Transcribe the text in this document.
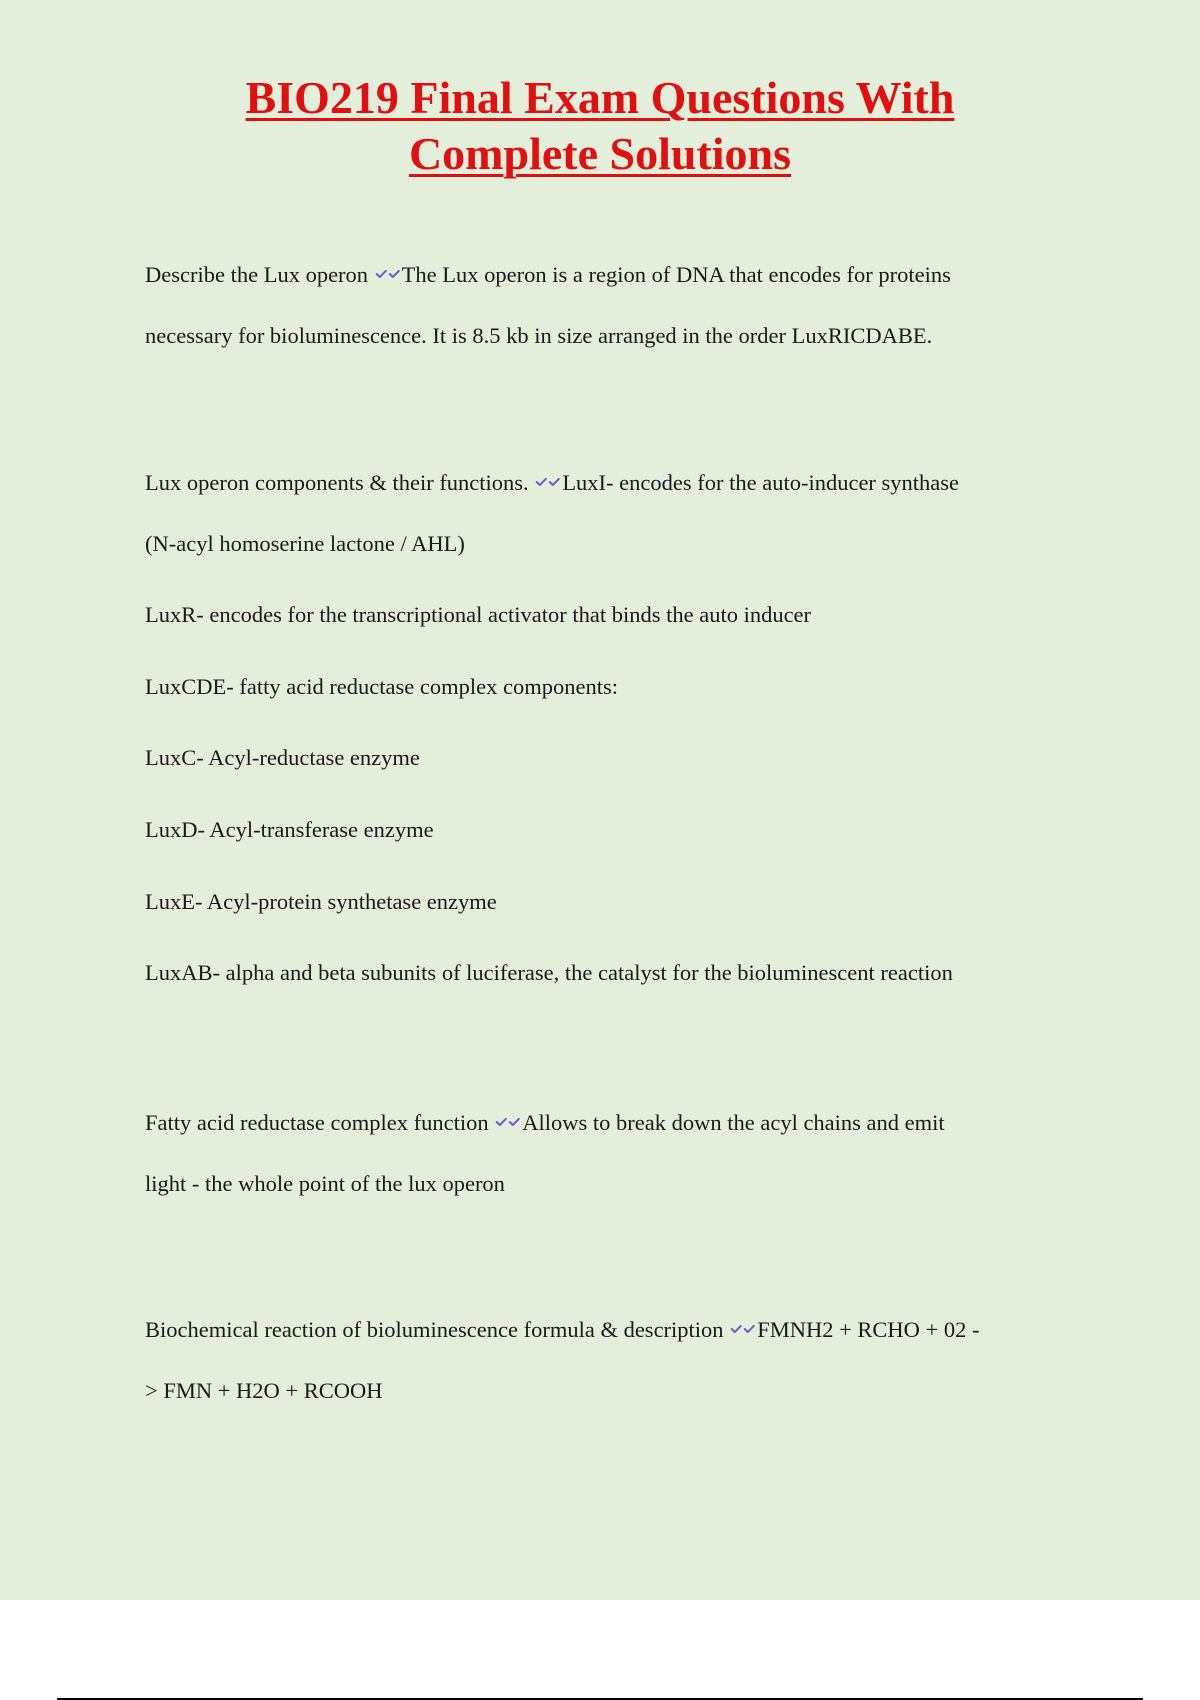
BIO219 Final Exam Questions With
Complete Solutions
Describe the Lux operon The Lux operon is a region of DNA that encodes for proteins
necessary for bioluminescence. It is 8.5 kb in size arranged in the order LuxRICDABE.
Lux operon components & their functions. LuxI- encodes for the auto-inducer synthase
(N-acyl homoserine lactone / AHL)
LuxR- encodes for the transcriptional activator that binds the auto inducer
LuxCDE- fatty acid reductase complex components:
LuxC- Acyl-reductase enzyme
LuxD- Acyl-transferase enzyme
LuxE- Acyl-protein synthetase enzyme
LuxAB- alpha and beta subunits of luciferase, the catalyst for the bioluminescent reaction
Fatty acid reductase complex function Allows to break down the acyl chains and emit
light - the whole point of the lux operon
Biochemical reaction of bioluminescence formula & description FMNH2 + RCHO + 02 -
> FMN + H2O + RCOOH
